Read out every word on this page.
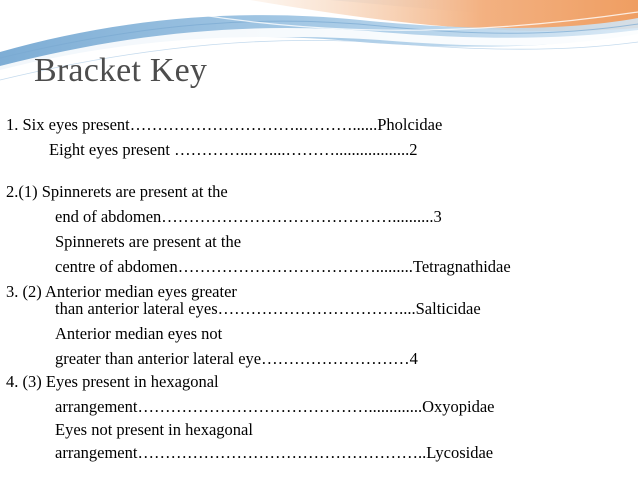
Bracket Key
1. Six eyes present…………………………..………......Pholcidae
Eight eyes present …………...…....………..................2
2.(1) Spinnerets are present at the
end of abdomen……………………………………..........3
Spinnerets are present at the
centre of abdomen……………………………….........Tetragnathidae
3. (2) Anterior median eyes greater
than anterior lateral eyes……………………………....Salticidae
Anterior median eyes not
greater than anterior lateral eye………………………4
4. (3) Eyes present in hexagonal
arrangement…………………………………….............Oxyopidae
Eyes not present in hexagonal
arrangement……………………………………………..Lycosidae
